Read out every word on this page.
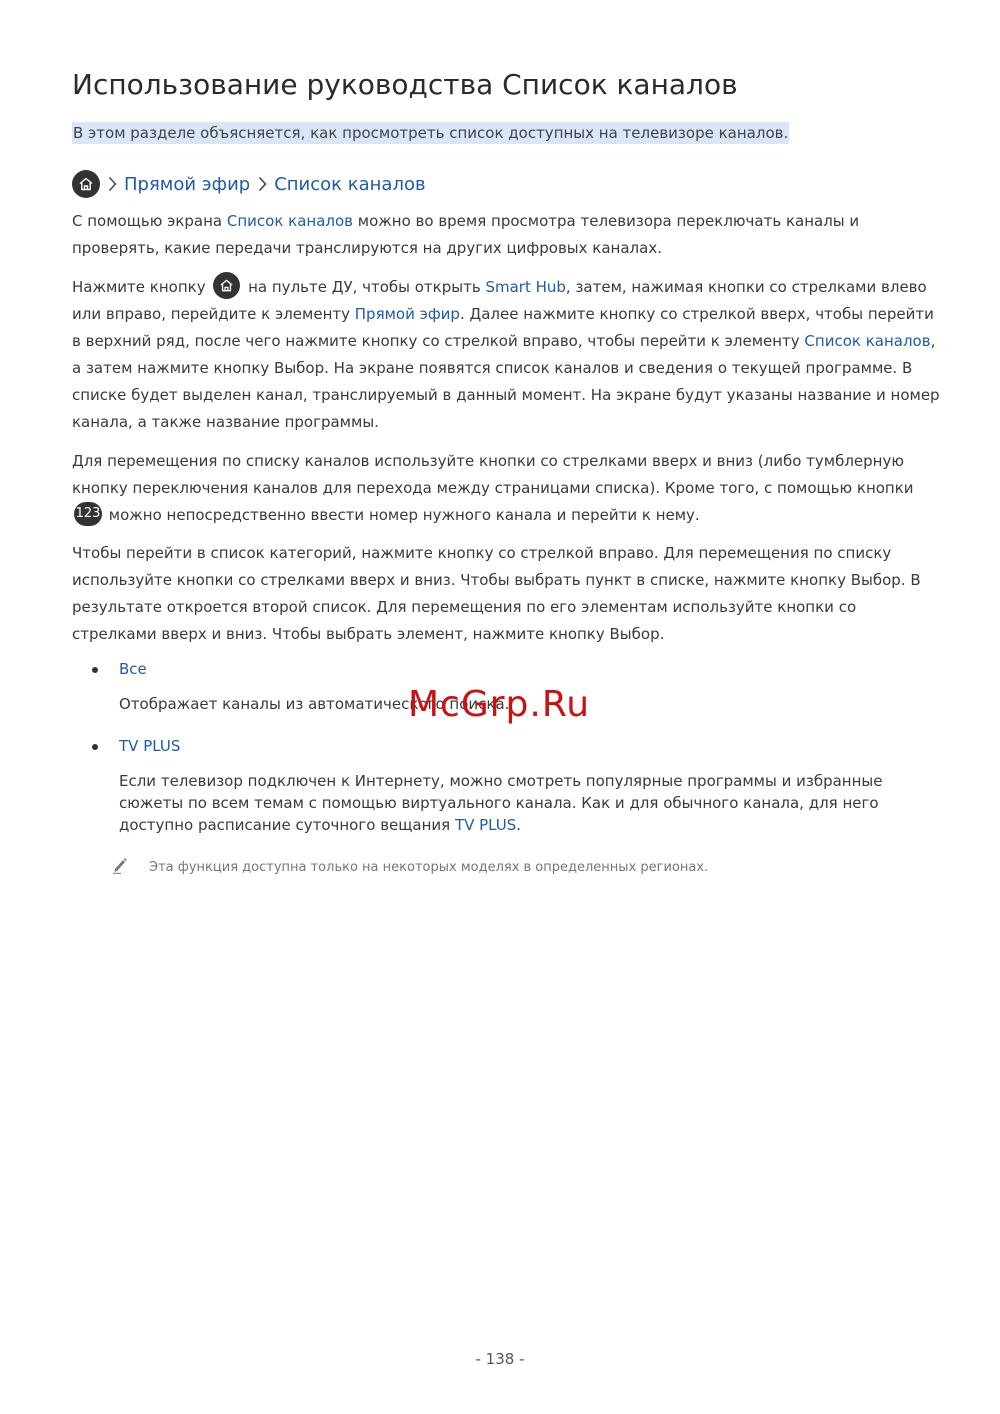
Использование руководства Список каналов

В этом разделе объясняется, как просмотреть список доступных на телевизоре каналов.

Прямой эфир Список каналов

С помощью экрана Список каналов можно во время просмотра телевизора переключать каналы и проверять, какие передачи транслируются на других цифровых каналах.

Нажмите кнопку
на пульте ДУ, чтобы открыть Smart Hub, затем, нажимая кнопки со стрелками влево или вправо, перейдите к элементу Прямой эфир. Далее нажмите кнопку со стрелкой вверх, чтобы перейти в верхний ряд, после чего нажмите кнопку со стрелкой вправо, чтобы перейти к элементу Список каналов, а затем нажмите кнопку Выбор. На экране появятся список каналов и сведения о текущей программе. В списке будет выделен канал, транслируемый в данный момент. На экране будут указаны название и номер канала, а также название программы.

Для перемещения по списку каналов используйте кнопки со стрелками вверх и вниз (либо тумблерную кнопку переключения каналов для перехода между страницами списка). Кроме того, с помощью кнопки 123 можно непосредственно ввести номер нужного канала и перейти к нему.

Чтобы перейти в список категорий, нажмите кнопку со стрелкой вправо. Для перемещения по списку используйте кнопки со стрелками вверх и вниз. Чтобы выбрать пункт в списке, нажмите кнопку Выбор. В результате откроется второй список. Для перемещения по его элементам используйте кнопки со стрелками вверх и вниз. Чтобы выбрать элемент, нажмите кнопку Выбор.

Все

Отображает каналы из автоматического поиска.

TV PLUS

Если телевизор подключен к Интернету, можно смотреть популярные программы и избранные сюжеты по всем темам с помощью виртуального канала. Как и для обычного канала, для него доступно расписание суточного вещания TV PLUS.

Эта функция доступна только на некоторых моделях в определенных регионах.
McGrp.Ru
- 138 -
